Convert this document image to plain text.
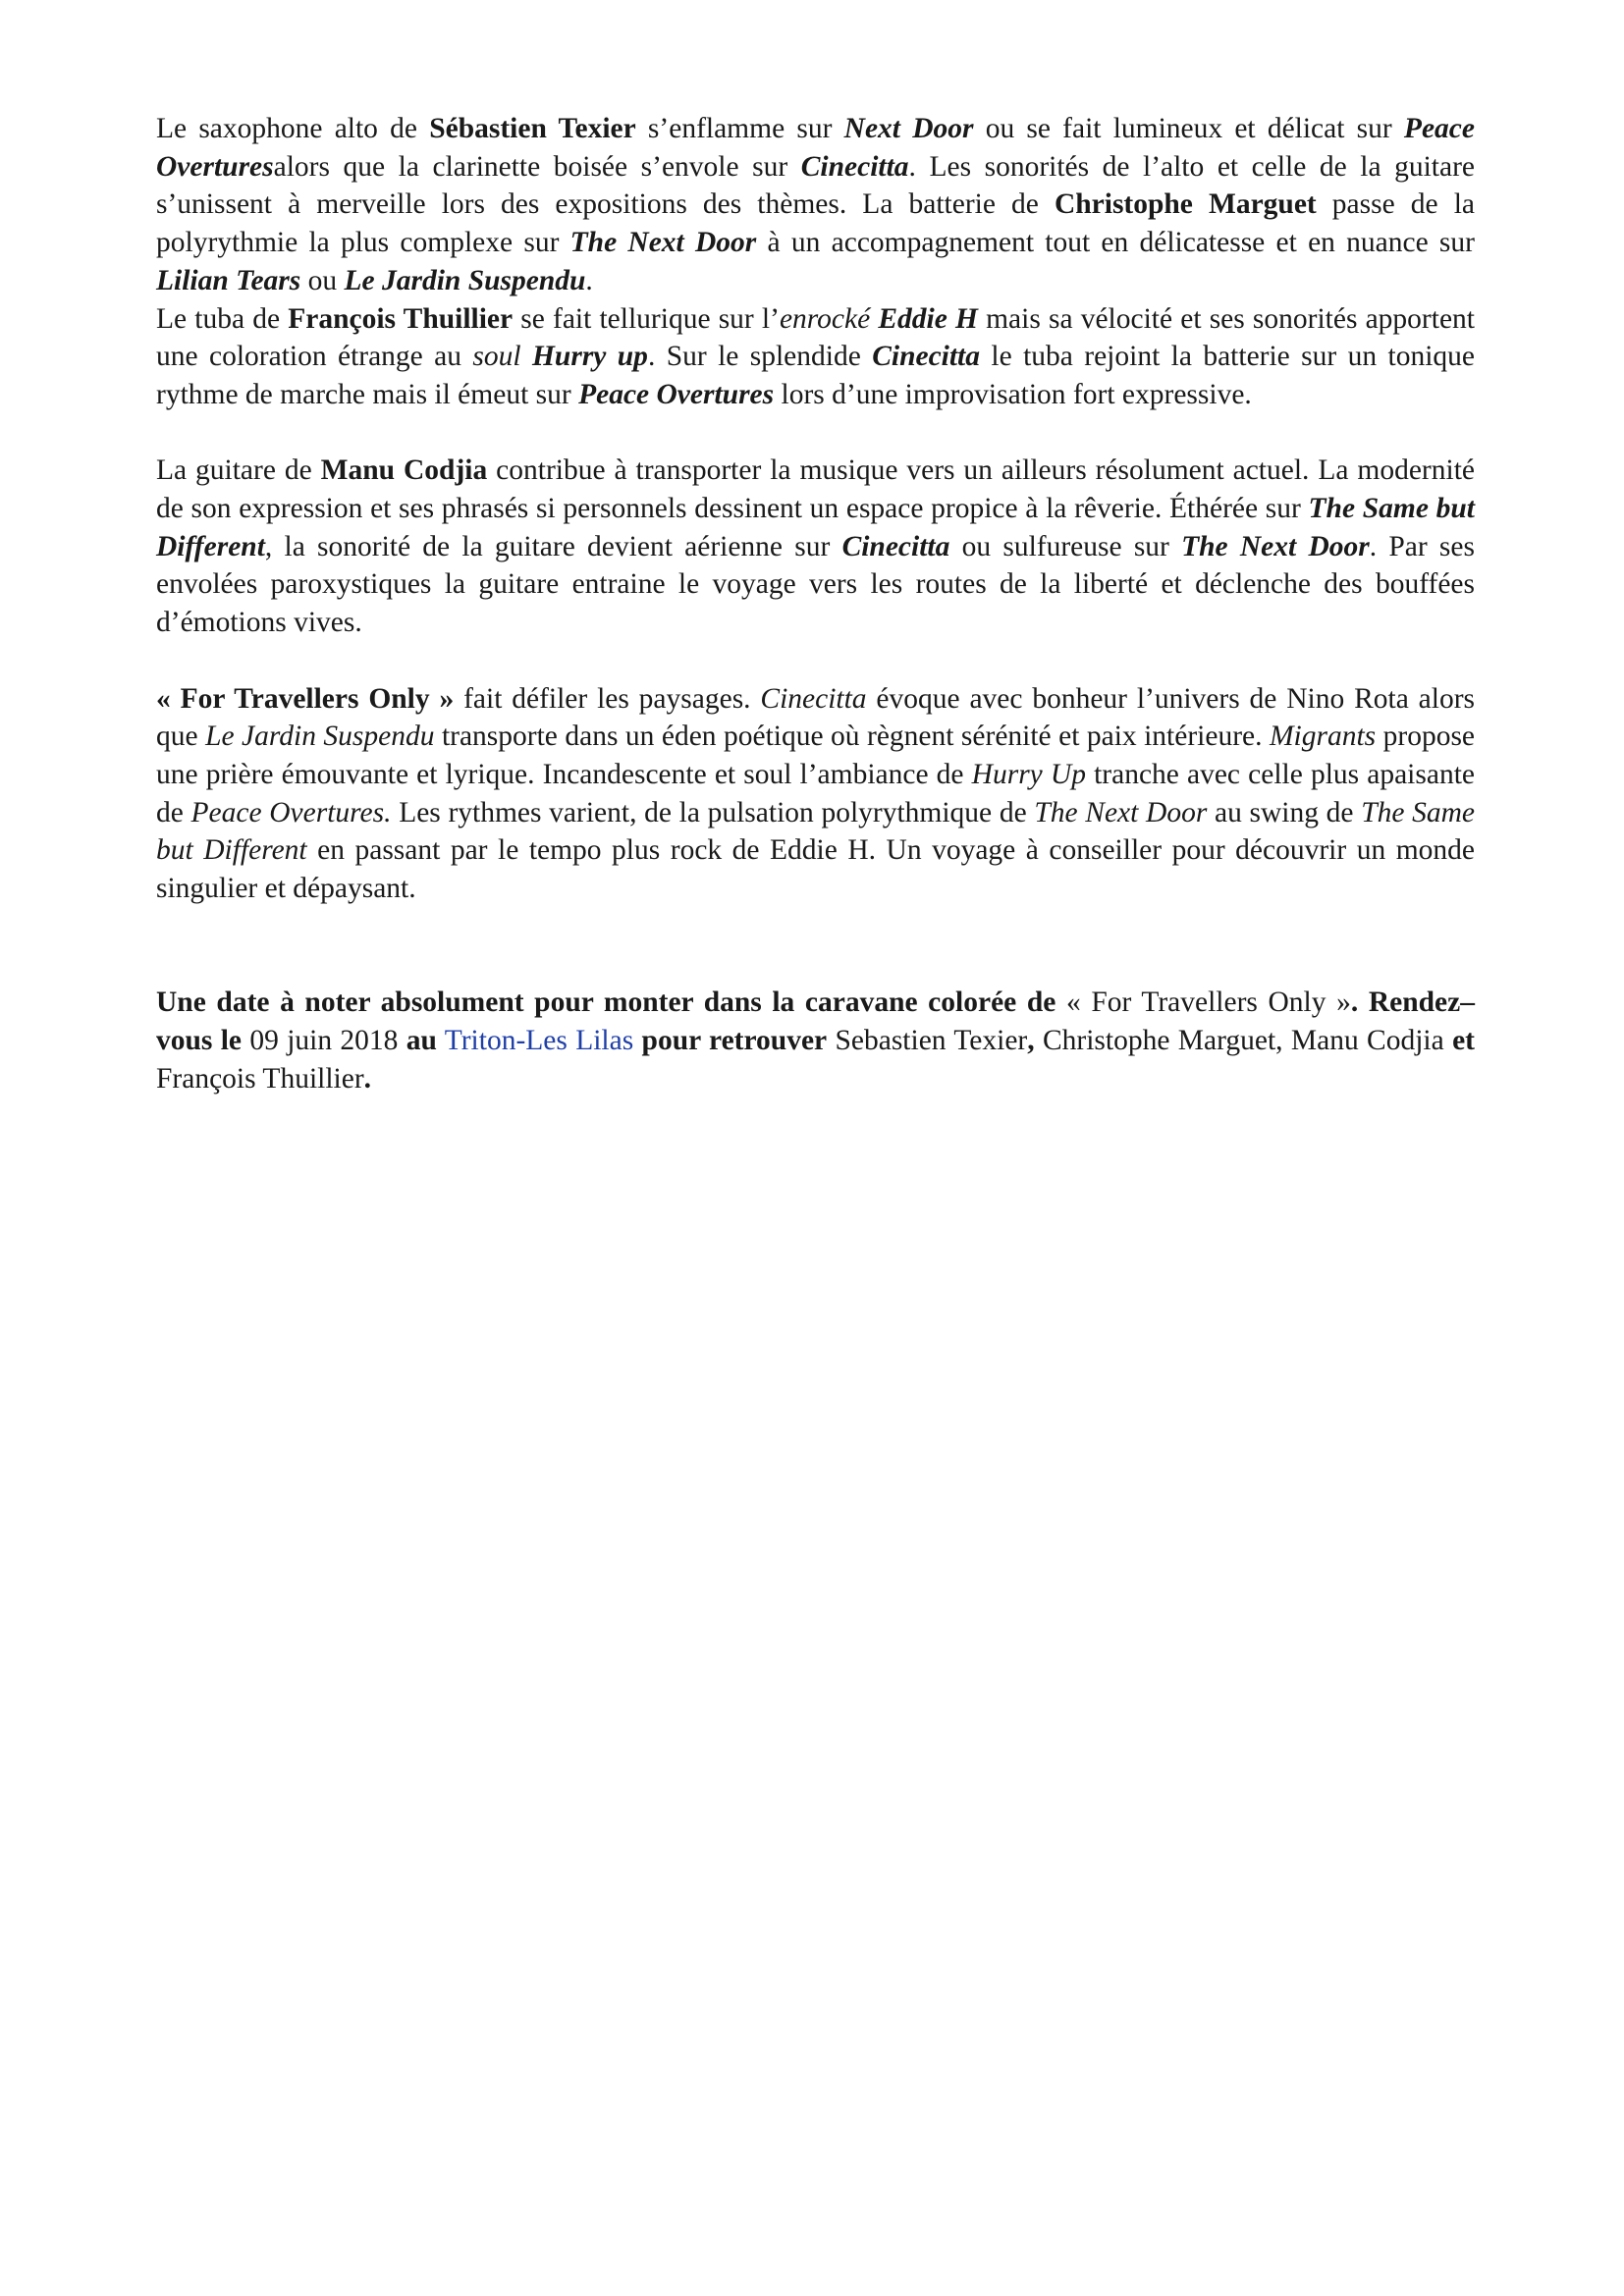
Le saxophone alto de Sébastien Texier s’enflamme sur Next Door ou se fait lumineux et délicat sur Peace Overturesalors que la clarinette boisée s’envole sur Cinecitta. Les sonorités de l’alto et celle de la guitare s’unissent à merveille lors des expositions des thèmes. La batterie de Christophe Marguet passe de la polyrythmie la plus complexe sur The Next Door à un accompagnement tout en délicatesse et en nuance sur Lilian Tears ou Le Jardin Suspendu.

Le tuba de François Thuillier se fait tellurique sur l’enrocké Eddie H mais sa vélocité et ses sonorités apportent une coloration étrange au soul Hurry up. Sur le splendide Cinecitta le tuba rejoint la batterie sur un tonique rythme de marche mais il émeut sur Peace Overtures lors d’une improvisation fort expressive.

La guitare de Manu Codjia contribue à transporter la musique vers un ailleurs résolument actuel. La modernité de son expression et ses phrasés si personnels dessinent un espace propice à la rêverie. Éthérée sur The Same but Different, la sonorité de la guitare devient aérienne sur Cinecitta ou sulfureuse sur The Next Door. Par ses envolées paroxystiques la guitare entraine le voyage vers les routes de la liberté et déclenche des bouffées d’émotions vives.

« For Travellers Only » fait défiler les paysages. Cinecitta évoque avec bonheur l’univers de Nino Rota alors que Le Jardin Suspendu transporte dans un éden poétique où règnent sérénité et paix intérieure. Migrants propose une prière émouvante et lyrique. Incandescente et soul l’ambiance de Hurry Up tranche avec celle plus apaisante de Peace Overtures. Les rythmes varient, de la pulsation polyrythmique de The Next Door au swing de The Same but Different en passant par le tempo plus rock de Eddie H. Un voyage à conseiller pour découvrir un monde singulier et dépaysant.

Une date à noter absolument pour monter dans la caravane colorée de « For Travellers Only ». Rendez–vous le 09 juin 2018 au Triton-Les Lilas pour retrouver Sebastien Texier, Christophe Marguet, Manu Codjia et François Thuillier.
